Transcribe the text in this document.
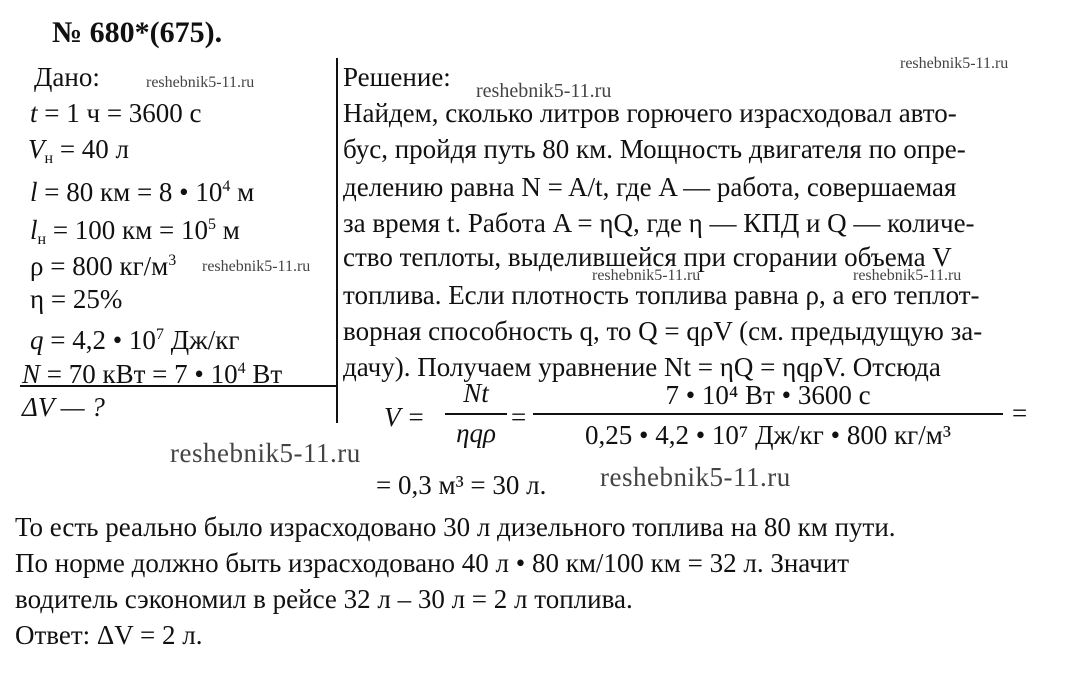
№ 680*(675).
reshebnik5-11.ru	reshebnik5-11.ru
reshebnik5-11.ru
reshebnik5-11.ru
reshebnik5-11.ru	reshebnik5-11.ru
reshebnik5-11.ru
reshebnik5-11.ru
Дано:
t = 1 ч = 3600 с
$V_н = 40$ л
l = 80 км = 8 • $10^4$ м
$l_н = 100$ км = $10^5$ м
ρ = 800 $кг/м^3$
η = 25%
q = 4,2 • $10^7$ Дж/кг
N = 70 кВт = 7 • $10^4$ Вт
ΔV — ?
Решение:
Найдем, сколько литров горючего израсходовал авто-
бус, пройдя путь 80 км. Мощность двигателя по опре-
делению равна N = A/t, где A — работа, совершаемая
за время t. Работа A = ηQ, где η — КПД и Q — количе-
ство теплоты, выделившейся при сгорании объема V
топлива. Если плотность топлива равна ρ, а его теплот-
ворная способность q, то Q = qρV (см. предыдущую за-
дачу). Получаем уравнение Nt = ηQ = ηqρV. Отсюда
V =
Nt
ηqρ
=
7 • 10⁴ Вт • 3600 с
0,25 • 4,2 • 10⁷ Дж/кг • 800 кг/м³
=
= 0,3 м³ = 30 л.
То есть реально было израсходовано 30 л дизельного топлива на 80 км пути.
По норме должно быть израсходовано 40 л • 80 км/100 км = 32 л. Значит
водитель сэкономил в рейсе 32 л – 30 л = 2 л топлива.
Ответ: ΔV = 2 л.
